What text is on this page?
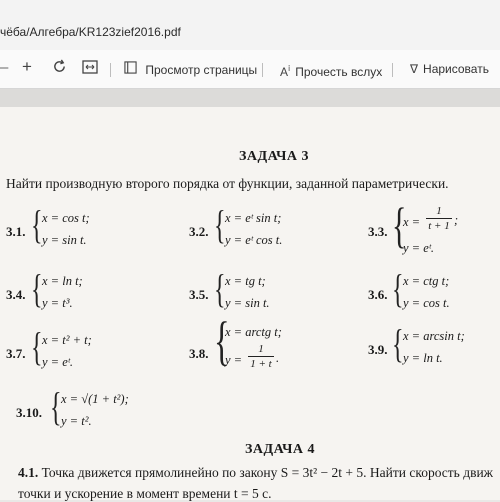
чёба/Алгебра/KR123zief2016.pdf
– +	Просмотр страницы $A^ⅰ$ Прочесть вслух ∇ Нарисовать
ЗАДАЧА 3
Найти производную второго порядка от функции, заданной параметрически.
3.1. { x = cos t;
y = sin t.
3.2. { x = eᵗ sin t;
y = eᵗ cos t.
3.3. {
x =
1
t + 1 ;
y = eᵗ.
3.4. { x = ln t;
y = t³.
3.5. { x = tg t;
y = sin t.
3.6. { x = ctg t;
y = cos t.
3.7. { x = t² + t;
y = eᵗ.
3.8. {
x = arctg t;
y =
1
1 + t .
3.9. { x = arcsin t;
y = ln t.
3.10. { x = √(1 + t²);
y = t².
ЗАДАЧА 4
4.1. Точка движется прямолинейно по закону S = 3t² − 2t + 5. Найти скорость движ
точки и ускорение в момент времени t = 5 с.
